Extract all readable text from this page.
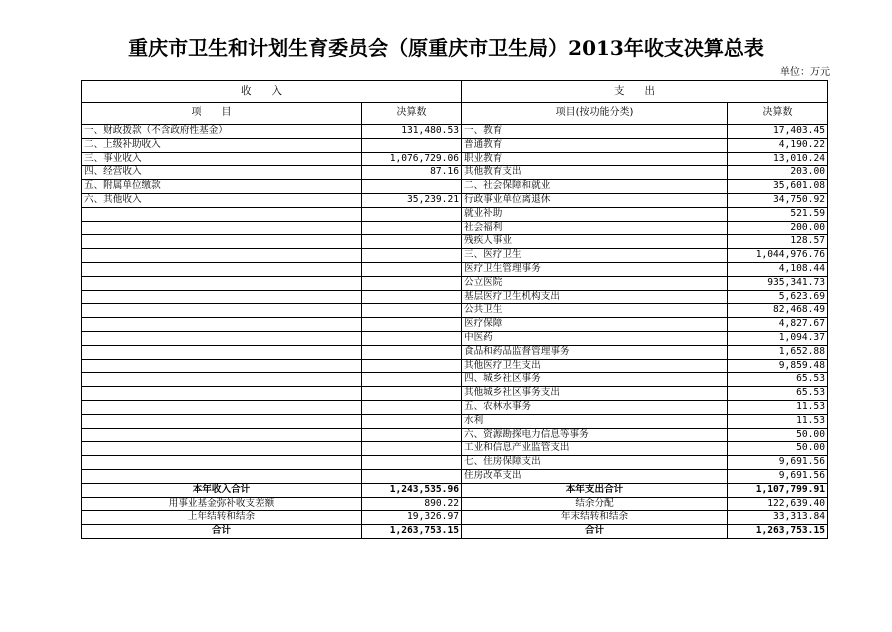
重庆市卫生和计划生育委员会（原重庆市卫生局）2013年收支决算总表
单位：万元
收入		支出	
项目	决算数	项目(按功能分类)	决算数
一、财政拨款（不含政府性基金）	131,480.53	一、教育	17,403.45
二、上级补助收入		普通教育	4,190.22
三、事业收入	1,076,729.06	职业教育	13,010.24
四、经营收入	87.16	其他教育支出	203.00
五、附属单位缴款		二、社会保障和就业	35,601.08
六、其他收入	35,239.21	行政事业单位离退休	34,750.92
		就业补助	521.59
		社会福利	200.00
		残疾人事业	128.57
		三、医疗卫生	1,044,976.76
		医疗卫生管理事务	4,108.44
		公立医院	935,341.73
		基层医疗卫生机构支出	5,623.69
		公共卫生	82,468.49
		医疗保障	4,827.67
		中医药	1,094.37
		食品和药品监督管理事务	1,652.88
		其他医疗卫生支出	9,859.48
		四、城乡社区事务	65.53
		其他城乡社区事务支出	65.53
		五、农林水事务	11.53
		水利	11.53
		六、资源勘探电力信息等事务	50.00
		工业和信息产业监管支出	50.00
		七、住房保障支出	9,691.56
		住房改革支出	9,691.56
本年收入合计	1,243,535.96	本年支出合计	1,107,799.91
用事业基金弥补收支差额	890.22	结余分配	122,639.40
上年结转和结余	19,326.97	年末结转和结余	33,313.84
合计	1,263,753.15	合计	1,263,753.15
